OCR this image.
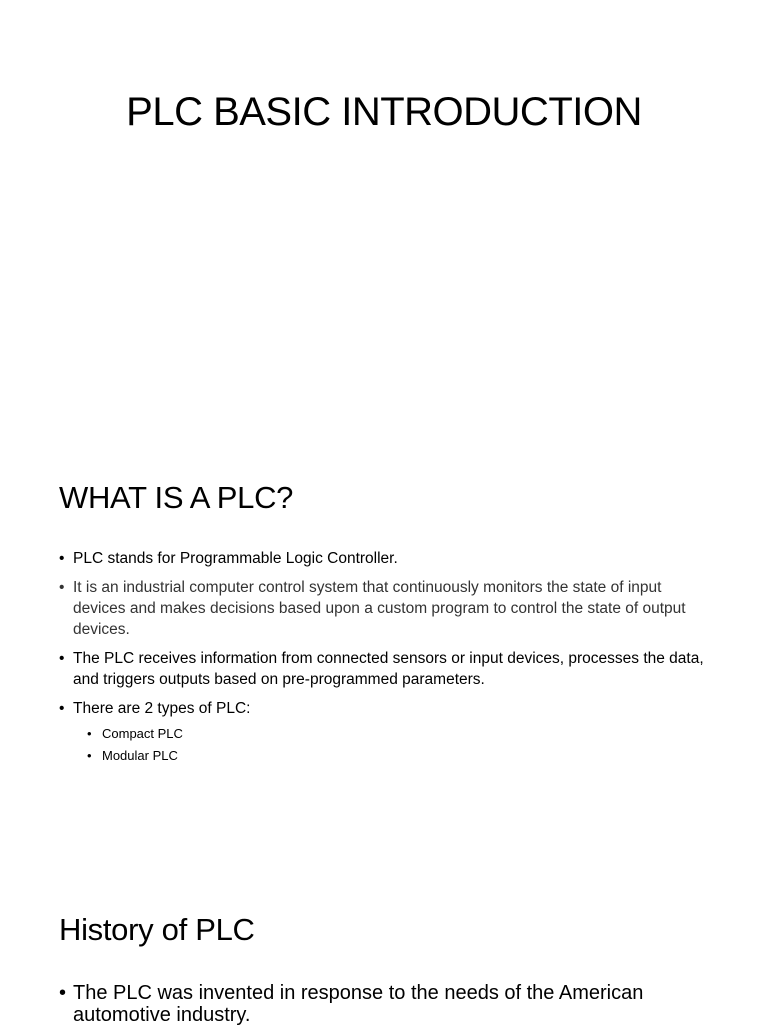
PLC BASIC INTRODUCTION
WHAT IS A PLC?
• PLC stands for Programmable Logic Controller.
• It is an industrial computer control system that continuously monitors the state of input devices and makes decisions based upon a custom program to control the state of output devices.
• The PLC receives information from connected sensors or input devices, processes the data, and triggers outputs based on pre-programmed parameters.
• There are 2 types of PLC:
• Compact PLC
• Modular PLC
History of PLC
• The PLC was invented in response to the needs of the American automotive industry.
